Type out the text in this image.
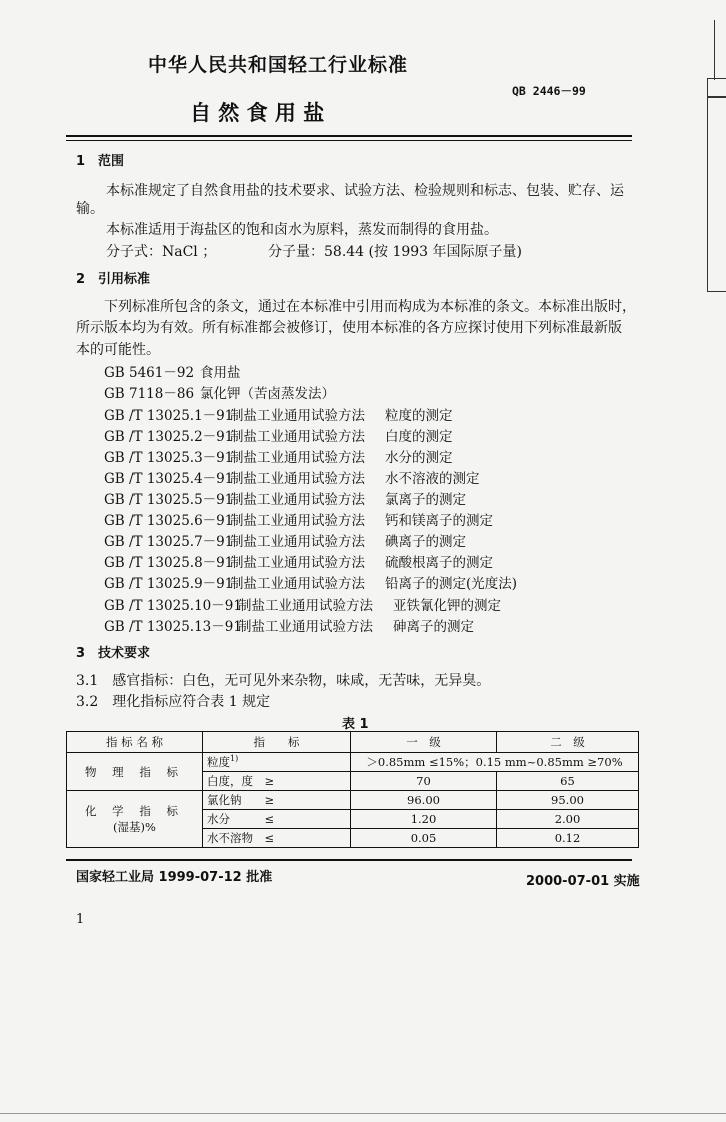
中华人民共和国轻工行业标准
QB 2446－99
自 然 食 用 盐
1　范围
本标准规定了自然食用盐的技术要求、试验方法、检验规则和标志、包装、贮存、运
输。
本标准适用于海盐区的饱和卤水为原料，蒸发而制得的食用盐。
分子式：NaCl ；	分子量：58.44 (按 1993 年国际原子量)
2　引用标准
下列标准所包含的条文，通过在本标准中引用而构成为本标准的条文。本标准出版时，
所示版本均为有效。所有标准都会被修订，使用本标准的各方应探讨使用下列标准最新版
本的可能性。
GB 5461－92 食用盐
GB 7118－86 氯化钾（苦卤蒸发法）
GB /T 13025.1－91制盐工业通用试验方法 粒度的测定
GB /T 13025.2－91制盐工业通用试验方法 白度的测定
GB /T 13025.3－91制盐工业通用试验方法 水分的测定
GB /T 13025.4－91制盐工业通用试验方法 水不溶液的测定
GB /T 13025.5－91制盐工业通用试验方法 氯离子的测定
GB /T 13025.6－91制盐工业通用试验方法 钙和镁离子的测定
GB /T 13025.7－91制盐工业通用试验方法 碘离子的测定
GB /T 13025.8－91制盐工业通用试验方法 硫酸根离子的测定
GB /T 13025.9－91制盐工业通用试验方法 铅离子的测定(光度法)
GB /T 13025.10－91制盐工业通用试验方法 亚铁氰化钾的测定
GB /T 13025.13－91制盐工业通用试验方法 砷离子的测定
3　技术要求
3.1　感官指标：白色，无可见外来杂物，味咸，无苦味，无异臭。
3.2　理化指标应符合表 1 规定
表 1
指 标 名 称	指　　标	一　级	二　级
物 理 指 标	粒度$^{1)}$	＞0.85mm ≤15%；0.15 mm~0.85mm ≥70%	
	白度，度　≥	70	65

化 学 指 标
(湿基)%	氯化钠　　≥	96.00	95.00
	水分　　　≤	1.20	2.00
	水不溶物　≤	0.05	0.12
国家轻工业局 1999-07-12 批准	2000-07-01 实施
1
